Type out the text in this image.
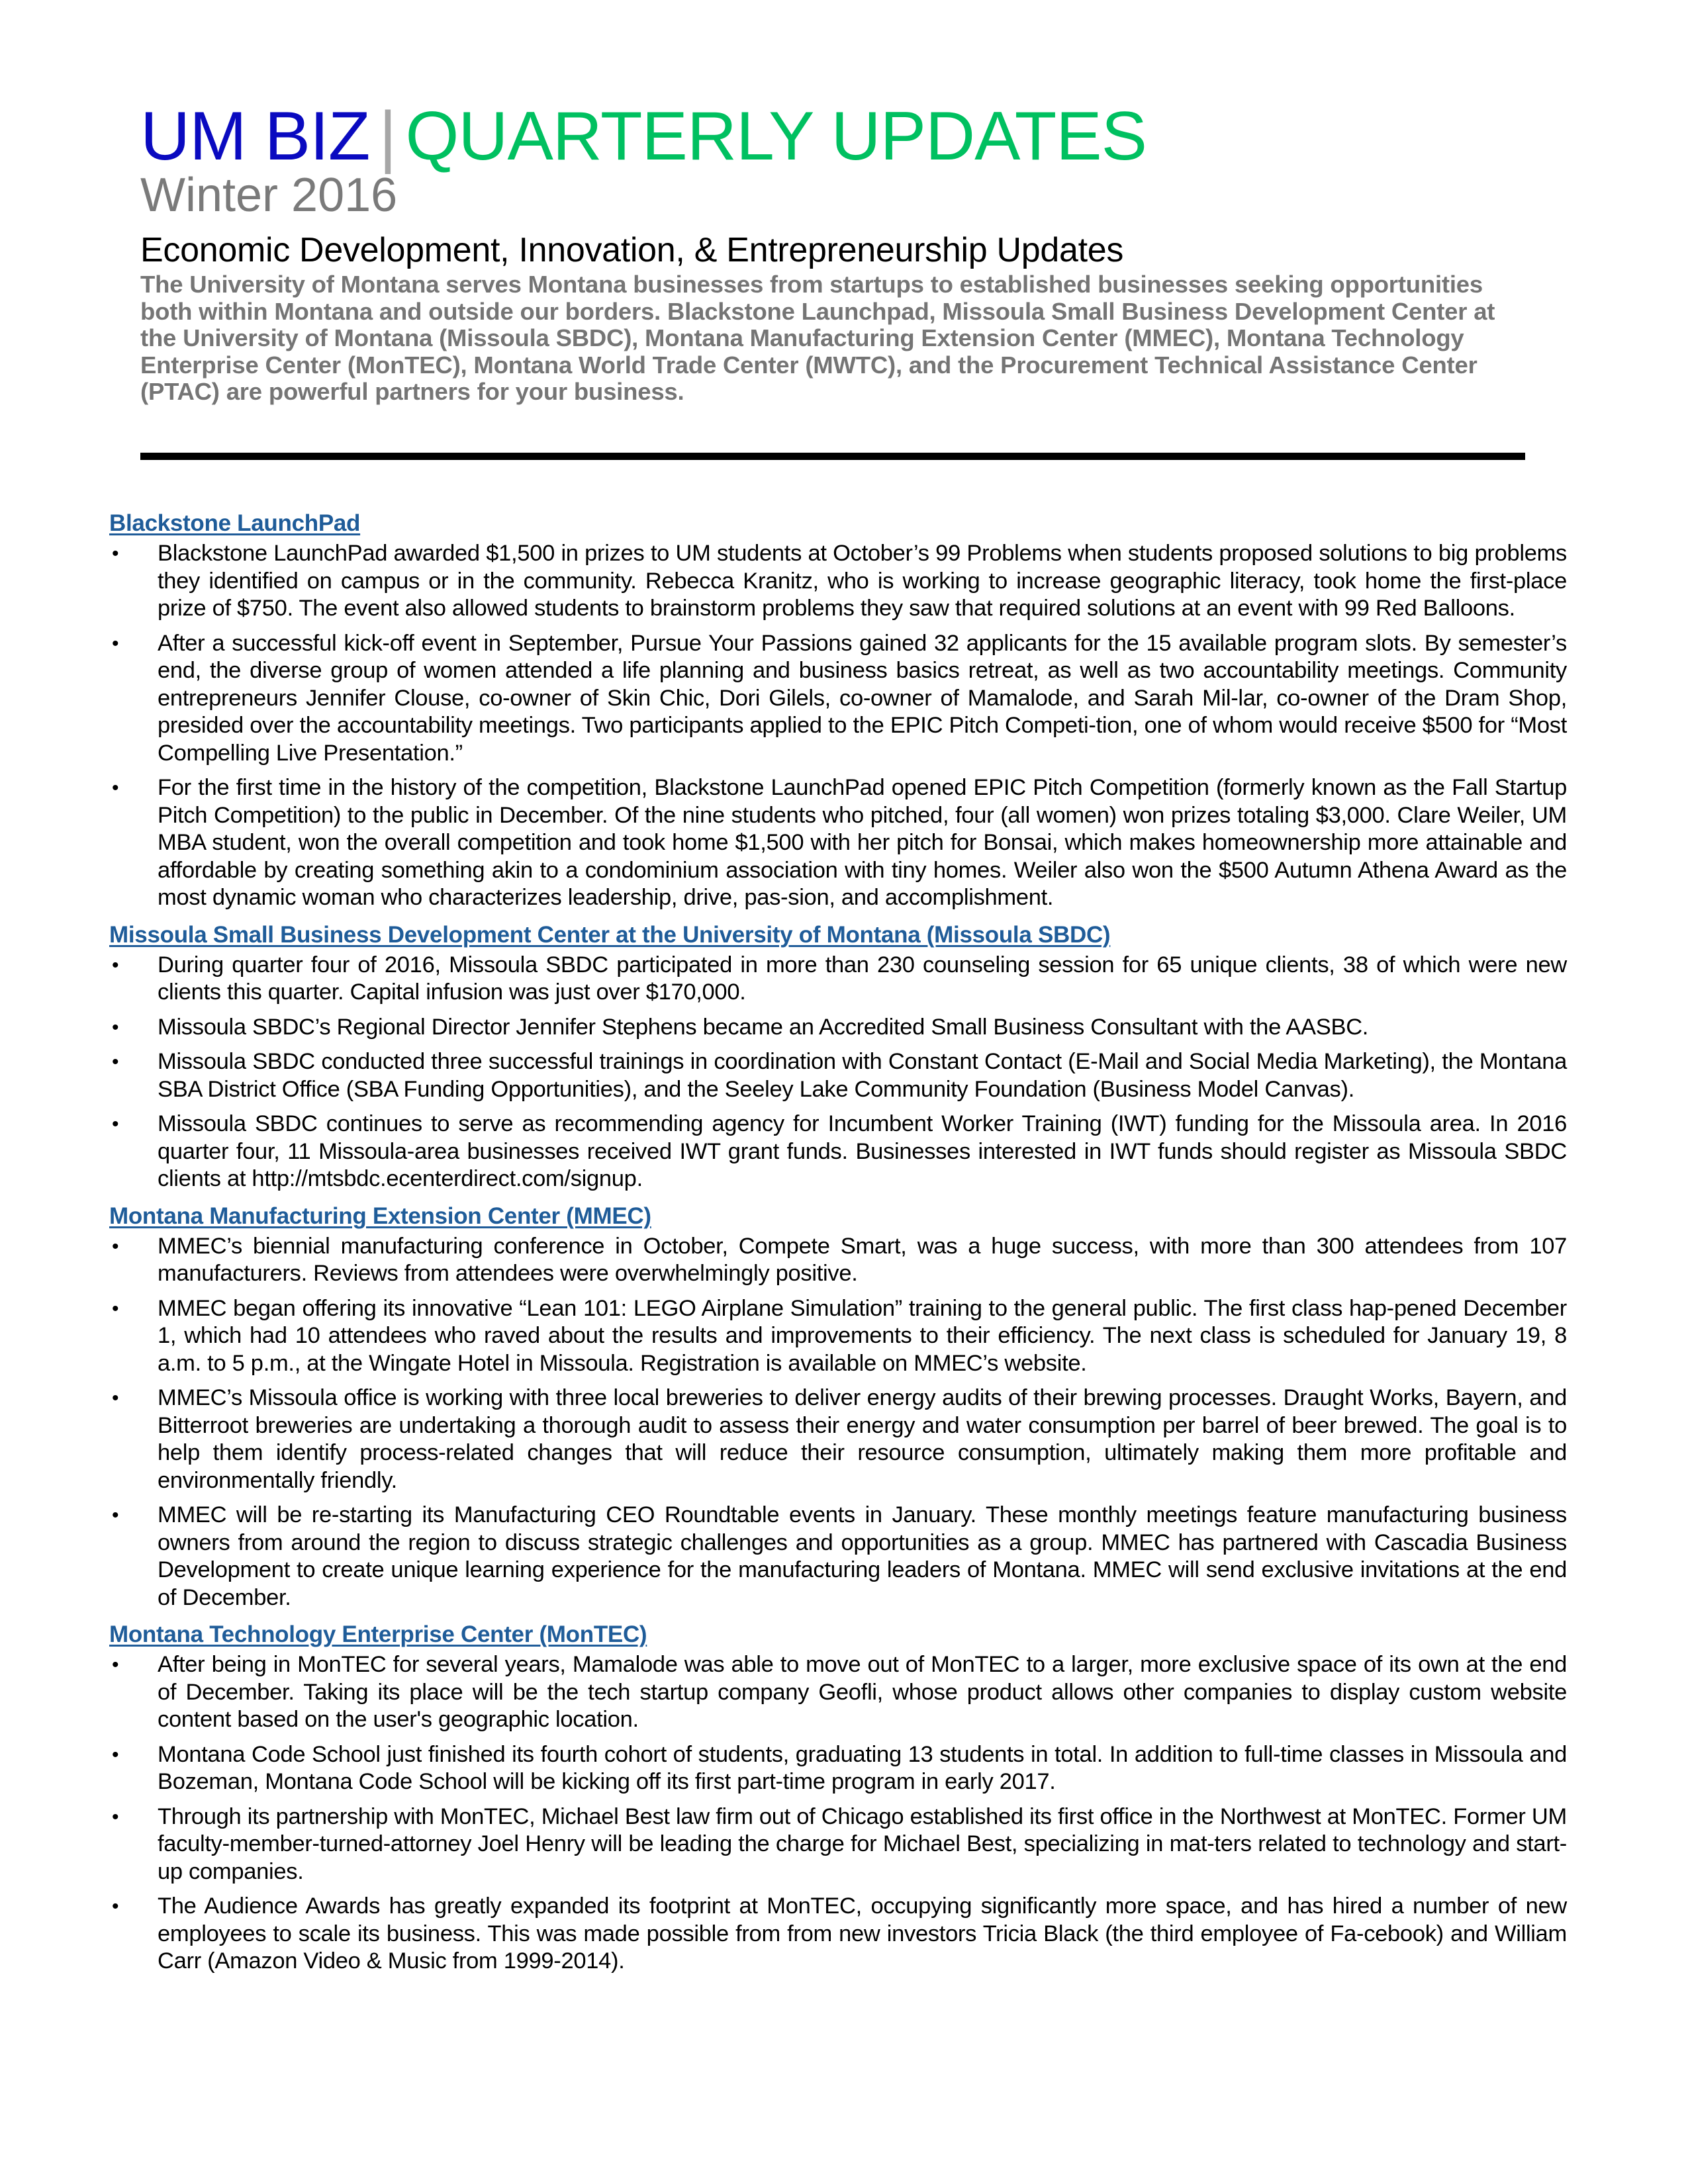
UM BIZ | QUARTERLY UPDATES
Winter 2016
Economic Development, Innovation, & Entrepreneurship Updates
The University of Montana serves Montana businesses from startups to established businesses seeking opportunities both within Montana and outside our borders. Blackstone Launchpad, Missoula Small Business Development Center at the University of Montana (Missoula SBDC), Montana Manufacturing Extension Center (MMEC), Montana Technology Enterprise Center (MonTEC), Montana World Trade Center (MWTC), and the Procurement Technical Assistance Center (PTAC) are powerful partners for your business.
Blackstone LaunchPad
• Blackstone LaunchPad awarded $1,500 in prizes to UM students at October’s 99 Problems when students proposed solutions to big problems they identified on campus or in the community. Rebecca Kranitz, who is working to increase geographic literacy, took home the first-place prize of $750. The event also allowed students to brainstorm problems they saw that required solutions at an event with 99 Red Balloons.
• After a successful kick-off event in September, Pursue Your Passions gained 32 applicants for the 15 available program slots. By semester’s end, the diverse group of women attended a life planning and business basics retreat, as well as two accountability meetings. Community entrepreneurs Jennifer Clouse, co-owner of Skin Chic, Dori Gilels, co-owner of Mamalode, and Sarah Mil-lar, co-owner of the Dram Shop, presided over the accountability meetings. Two participants applied to the EPIC Pitch Competi-tion, one of whom would receive $500 for “Most Compelling Live Presentation.”
• For the first time in the history of the competition, Blackstone LaunchPad opened EPIC Pitch Competition (formerly known as the Fall Startup Pitch Competition) to the public in December. Of the nine students who pitched, four (all women) won prizes totaling $3,000. Clare Weiler, UM MBA student, won the overall competition and took home $1,500 with her pitch for Bonsai, which makes homeownership more attainable and affordable by creating something akin to a condominium association with tiny homes. Weiler also won the $500 Autumn Athena Award as the most dynamic woman who characterizes leadership, drive, pas-sion, and accomplishment.
Missoula Small Business Development Center at the University of Montana (Missoula SBDC)
• During quarter four of 2016, Missoula SBDC participated in more than 230 counseling session for 65 unique clients, 38 of which were new clients this quarter. Capital infusion was just over $170,000.
• Missoula SBDC’s Regional Director Jennifer Stephens became an Accredited Small Business Consultant with the AASBC.
• Missoula SBDC conducted three successful trainings in coordination with Constant Contact (E-Mail and Social Media Marketing), the Montana SBA District Office (SBA Funding Opportunities), and the Seeley Lake Community Foundation (Business Model Canvas).
• Missoula SBDC continues to serve as recommending agency for Incumbent Worker Training (IWT) funding for the Missoula area. In 2016 quarter four, 11 Missoula-area businesses received IWT grant funds. Businesses interested in IWT funds should register as Missoula SBDC clients at http://mtsbdc.ecenterdirect.com/signup.
Montana Manufacturing Extension Center (MMEC)
• MMEC’s biennial manufacturing conference in October, Compete Smart, was a huge success, with more than 300 attendees from 107 manufacturers. Reviews from attendees were overwhelmingly positive.
• MMEC began offering its innovative “Lean 101: LEGO Airplane Simulation” training to the general public. The first class hap-pened December 1, which had 10 attendees who raved about the results and improvements to their efficiency. The next class is scheduled for January 19, 8 a.m. to 5 p.m., at the Wingate Hotel in Missoula. Registration is available on MMEC’s website.
• MMEC’s Missoula office is working with three local breweries to deliver energy audits of their brewing processes. Draught Works, Bayern, and Bitterroot breweries are undertaking a thorough audit to assess their energy and water consumption per barrel of beer brewed. The goal is to help them identify process-related changes that will reduce their resource consumption, ultimately making them more profitable and environmentally friendly.
• MMEC will be re-starting its Manufacturing CEO Roundtable events in January. These monthly meetings feature manufacturing business owners from around the region to discuss strategic challenges and opportunities as a group. MMEC has partnered with Cascadia Business Development to create unique learning experience for the manufacturing leaders of Montana. MMEC will send exclusive invitations at the end of December.
Montana Technology Enterprise Center (MonTEC)
• After being in MonTEC for several years, Mamalode was able to move out of MonTEC to a larger, more exclusive space of its own at the end of December. Taking its place will be the tech startup company Geofli, whose product allows other companies to display custom website content based on the user's geographic location.
• Montana Code School just finished its fourth cohort of students, graduating 13 students in total. In addition to full-time classes in Missoula and Bozeman, Montana Code School will be kicking off its first part-time program in early 2017.
• Through its partnership with MonTEC, Michael Best law firm out of Chicago established its first office in the Northwest at MonTEC. Former UM faculty-member-turned-attorney Joel Henry will be leading the charge for Michael Best, specializing in mat-ters related to technology and start-up companies.
• The Audience Awards has greatly expanded its footprint at MonTEC, occupying significantly more space, and has hired a number of new employees to scale its business. This was made possible from from new investors Tricia Black (the third employee of Fa-cebook) and William Carr (Amazon Video & Music from 1999-2014).
